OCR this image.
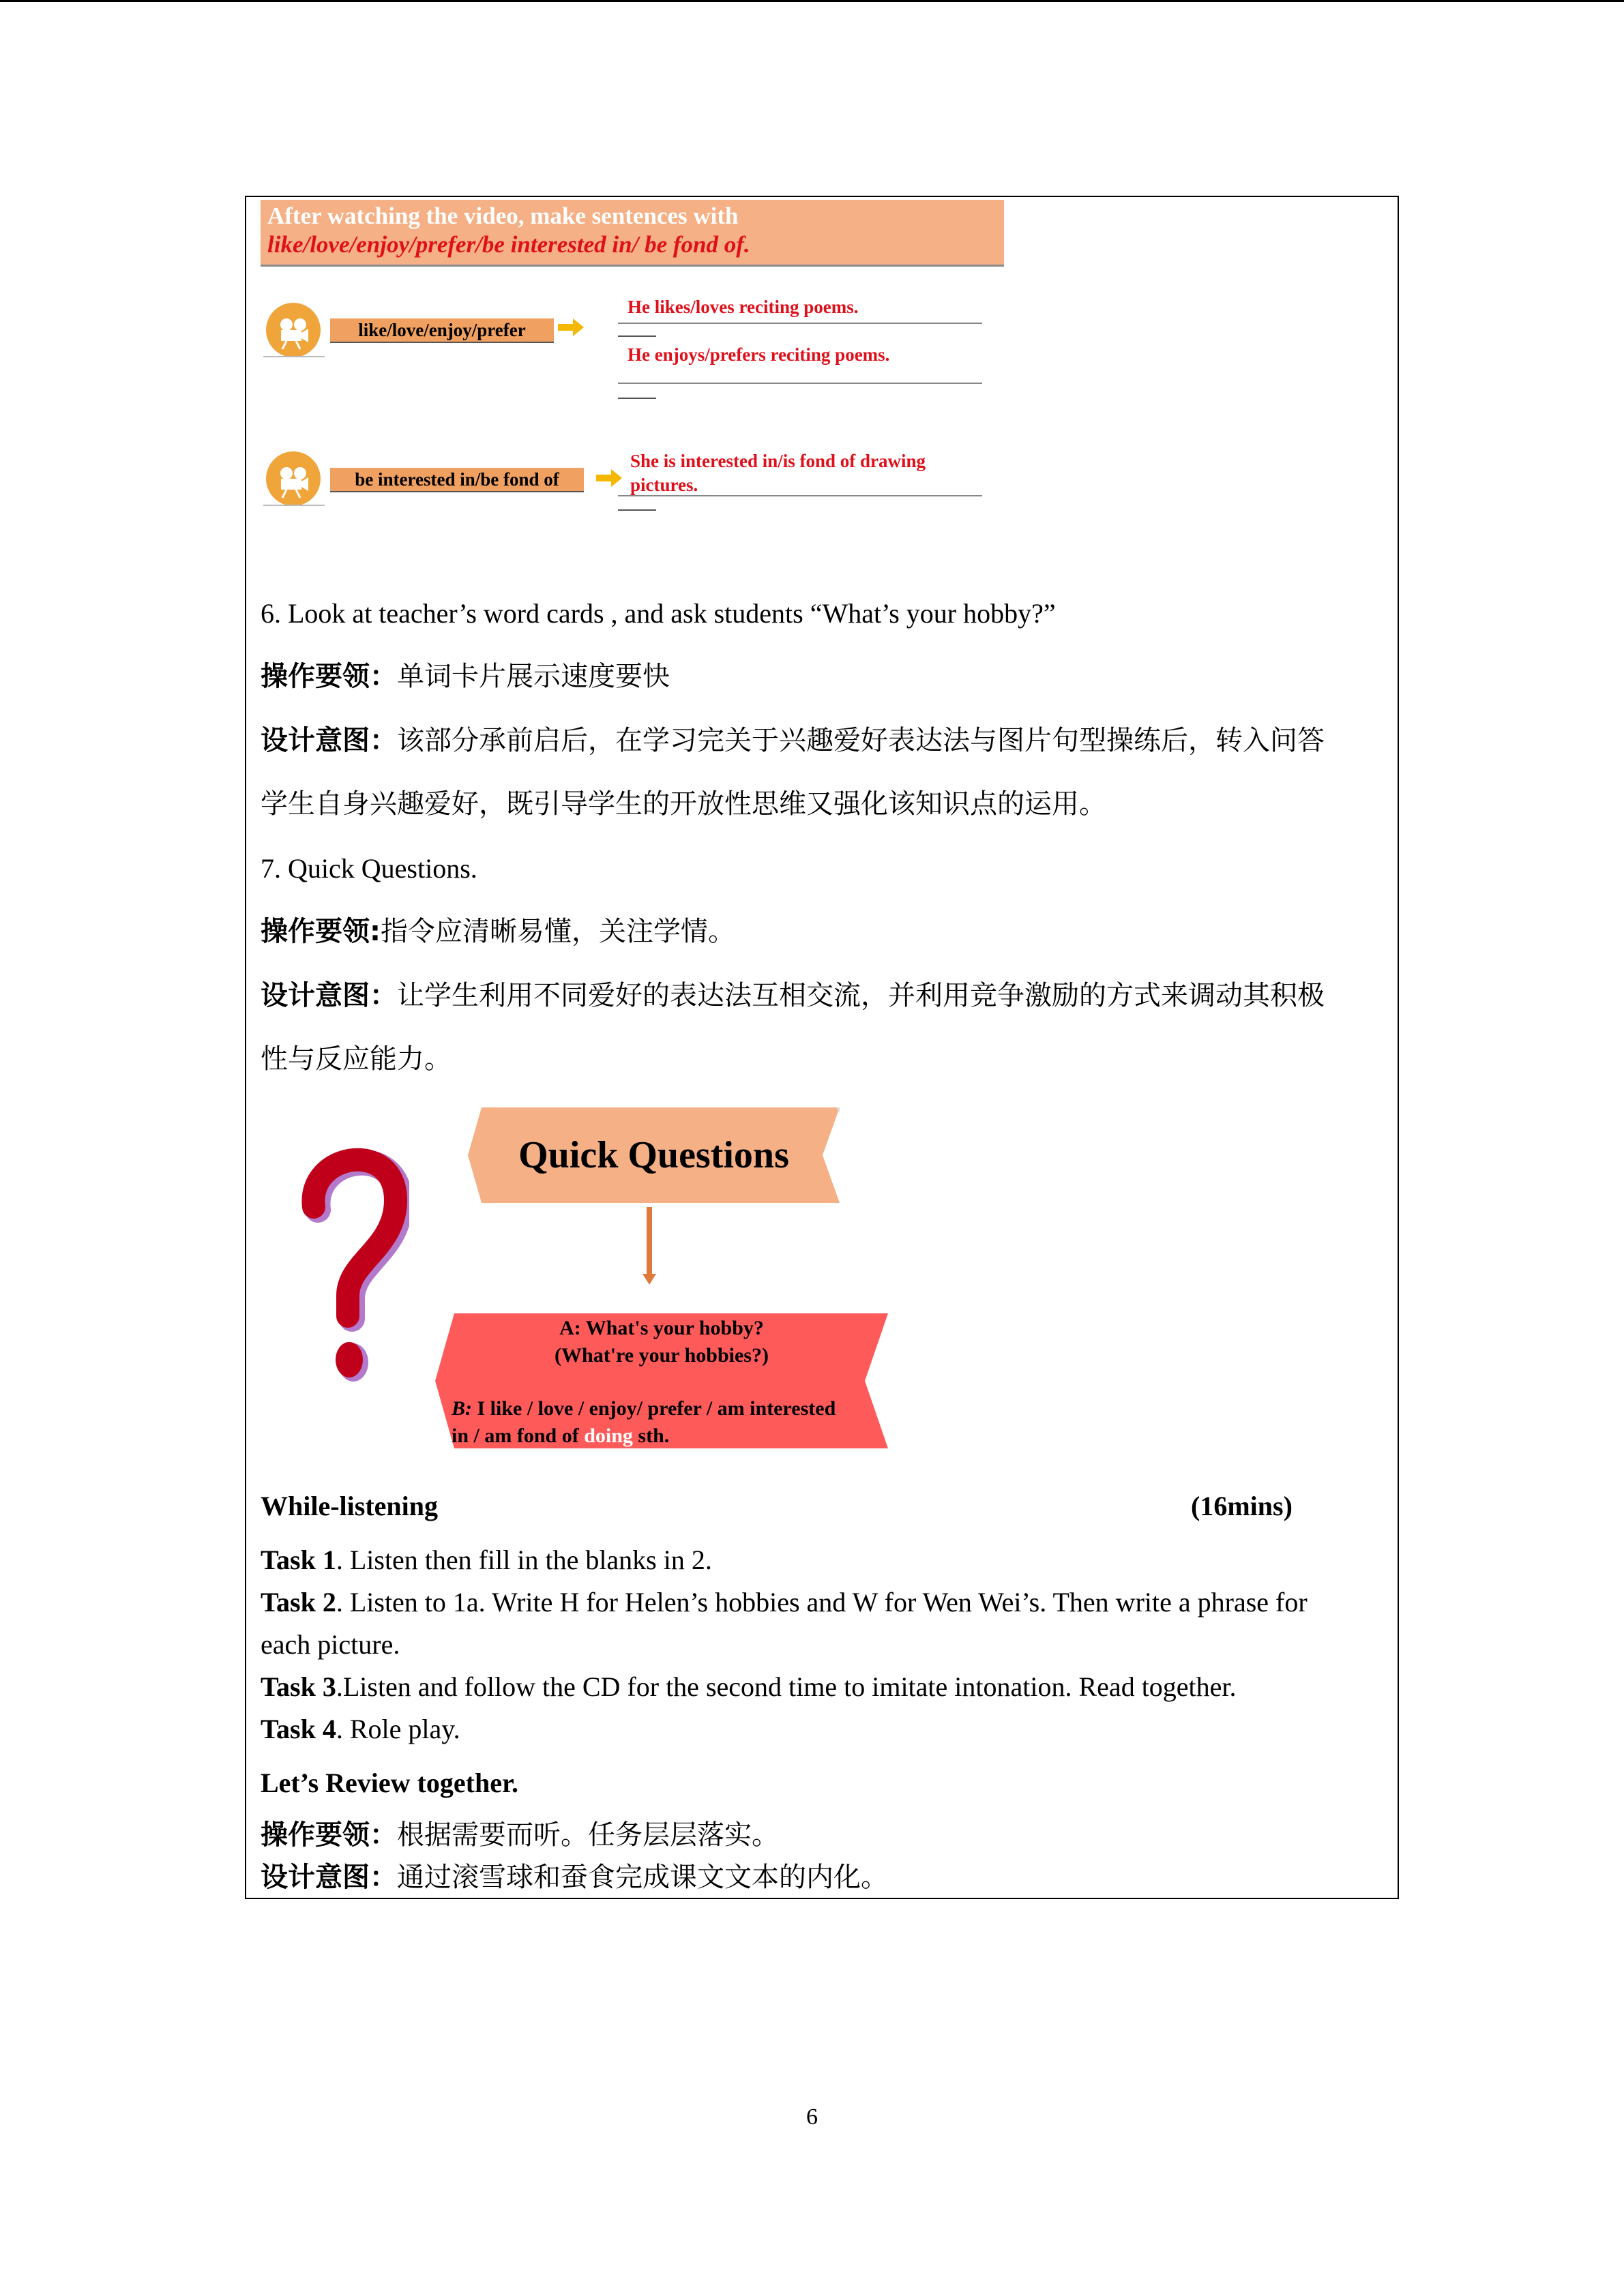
After watching the video, make sentences with
like/love/enjoy/prefer/be interested in/ be fond of.
like/love/enjoy/prefer
He likes/loves reciting poems.
He enjoys/prefers reciting poems.
be interested in/be fond of
She is interested in/is fond of drawing
pictures.
6. Look at teacher’s word cards , and ask students “What’s your hobby?”
操作要领：单词卡片展示速度要快
设计意图：该部分承前启后，在学习完关于兴趣爱好表达法与图片句型操练后，转入问答
学生自身兴趣爱好，既引导学生的开放性思维又强化该知识点的运用。
7. Quick Questions.
操作要领:指令应清晰易懂，关注学情。
设计意图：让学生利用不同爱好的表达法互相交流，并利用竞争激励的方式来调动其积极
性与反应能力。
Quick Questions
A: What's your hobby?
(What're your hobbies?)
B: I like / love / enjoy/ prefer / am interested
in / am fond of doing sth.
While-listening	(16mins)
Task 1. Listen then fill in the blanks in 2.
Task 2. Listen to 1a. Write H for Helen’s hobbies and W for Wen Wei’s. Then write a phrase for
each picture.
Task 3.Listen and follow the CD for the second time to imitate intonation. Read together.
Task 4. Role play.
Let’s Review together.
操作要领：根据需要而听。任务层层落实。
设计意图：通过滚雪球和蚕食完成课文文本的内化。
6
